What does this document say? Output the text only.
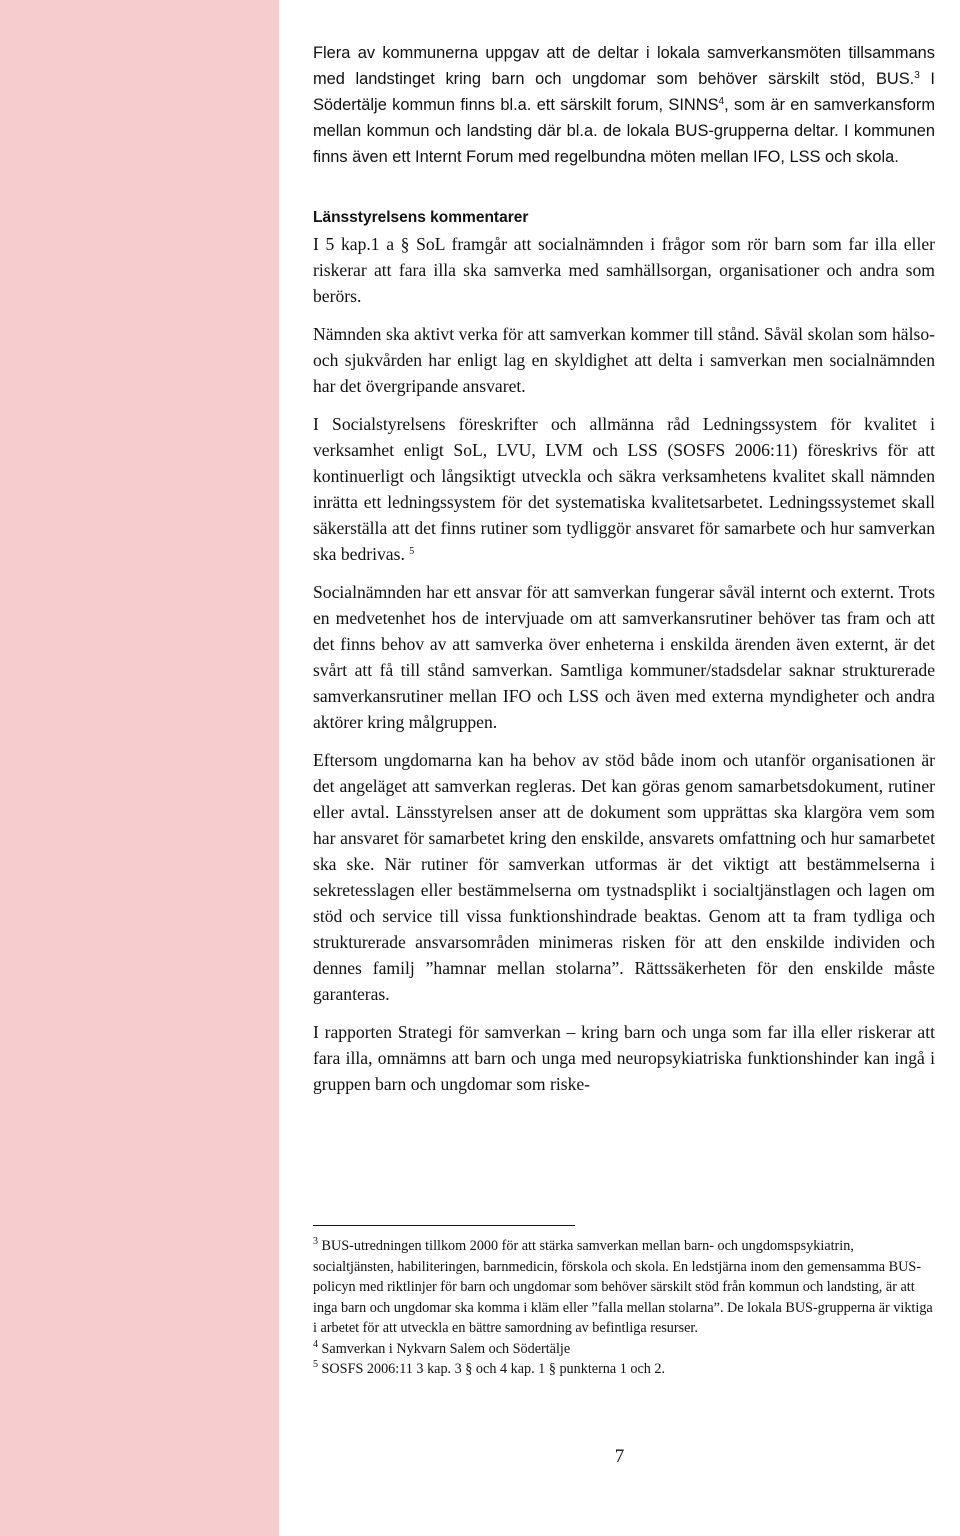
Flera av kommunerna uppgav att de deltar i lokala samverkansmöten tillsammans med landstinget kring barn och ungdomar som behöver särskilt stöd, BUS.$^3$ I Södertälje kommun finns bl.a. ett särskilt forum, SINNS$^4$, som är en samverkansform mellan kommun och landsting där bl.a. de lokala BUS-grupperna deltar. I kommunen finns även ett Internt Forum med regelbundna möten mellan IFO, LSS och skola.

Länsstyrelsens kommentarer

I 5 kap.1 a § SoL framgår att socialnämnden i frågor som rör barn som far illa eller riskerar att fara illa ska samverka med samhällsorgan, organisationer och andra som berörs.

Nämnden ska aktivt verka för att samverkan kommer till stånd. Såväl skolan som hälso- och sjukvården har enligt lag en skyldighet att delta i samverkan men socialnämnden har det övergripande ansvaret.

I Socialstyrelsens föreskrifter och allmänna råd Ledningssystem för kvalitet i verksamhet enligt SoL, LVU, LVM och LSS (SOSFS 2006:11) föreskrivs för att kontinuerligt och långsiktigt utveckla och säkra verksamhetens kvalitet skall nämnden inrätta ett ledningssystem för det systematiska kvalitetsarbetet. Ledningssystemet skall säkerställa att det finns rutiner som tydliggör ansvaret för samarbete och hur samverkan ska bedrivas. $^5$

Socialnämnden har ett ansvar för att samverkan fungerar såväl internt och externt. Trots en medvetenhet hos de intervjuade om att samverkansrutiner behöver tas fram och att det finns behov av att samverka över enheterna i enskilda ärenden även externt, är det svårt att få till stånd samverkan. Samtliga kommuner/stadsdelar saknar strukturerade samverkansrutiner mellan IFO och LSS och även med externa myndigheter och andra aktörer kring målgruppen.

Eftersom ungdomarna kan ha behov av stöd både inom och utanför organisationen är det angeläget att samverkan regleras. Det kan göras genom samarbetsdokument, rutiner eller avtal. Länsstyrelsen anser att de dokument som upprättas ska klargöra vem som har ansvaret för samarbetet kring den enskilde, ansvarets omfattning och hur samarbetet ska ske. När rutiner för samverkan utformas är det viktigt att bestämmelserna i sekretesslagen eller bestämmelserna om tystnadsplikt i socialtjänstlagen och lagen om stöd och service till vissa funktionshindrade beaktas. Genom att ta fram tydliga och strukturerade ansvarsområden minimeras risken för att den enskilde individen och dennes familj ”hamnar mellan stolarna”. Rättssäkerheten för den enskilde måste garanteras.

I rapporten Strategi för samverkan – kring barn och unga som far illa eller riskerar att fara illa, omnämns att barn och unga med neuropsykiatriska funktionshinder kan ingå i gruppen barn och ungdomar som riske-

$^3$ BUS-utredningen tillkom 2000 för att stärka samverkan mellan barn- och ungdomspsykiatrin, socialtjänsten, habiliteringen, barnmedicin, förskola och skola. En ledstjärna inom den gemensamma BUS-policyn med riktlinjer för barn och ungdomar som behöver särskilt stöd från kommun och landsting, är att inga barn och ungdomar ska komma i kläm eller ”falla mellan stolarna”. De lokala BUS-grupperna är viktiga i arbetet för att utveckla en bättre samordning av befintliga resurser.

$^4$ Samverkan i Nykvarn Salem och Södertälje

$^5$ SOSFS 2006:11 3 kap. 3 § och 4 kap. 1 § punkterna 1 och 2.

7
